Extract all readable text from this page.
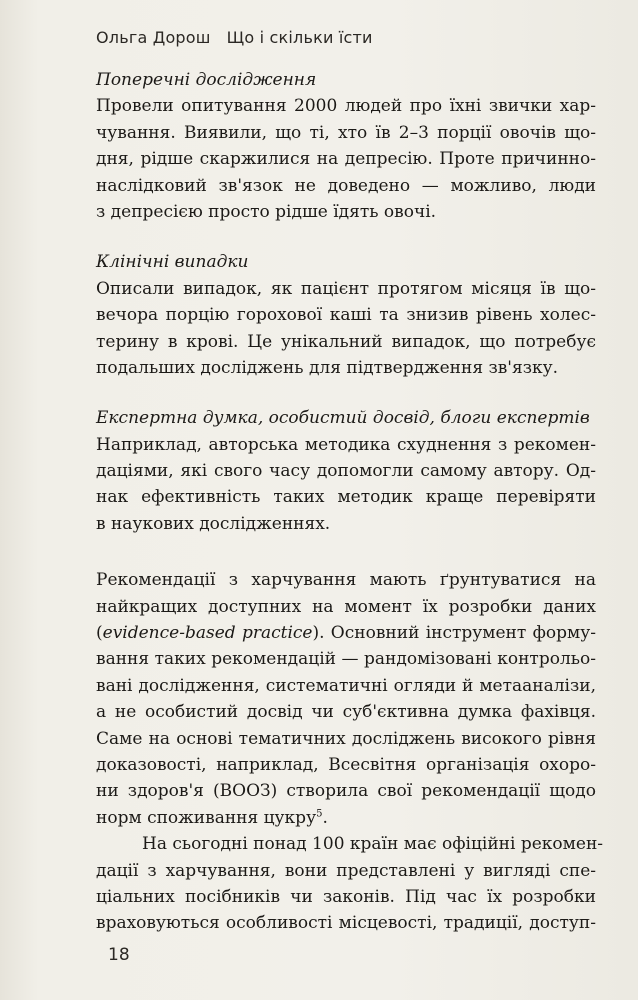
Ольга Дорош Що і скільки їсти
Поперечні дослідження
Провели опитування 2000 людей про їхні звички хар-
чування. Виявили, що ті, хто їв 2–3 порції овочів що-
дня, рідше скаржилися на депресію. Проте причинно-
наслідковий зв'язок не доведено — можливо, люди
з депресією просто рідше їдять овочі.
Клінічні випадки
Описали випадок, як пацієнт протягом місяця їв що-
вечора порцію горохової каші та знизив рівень холес-
терину в крові. Це унікальний випадок, що потребує
подальших досліджень для підтвердження зв'язку.
Експертна думка, особистий досвід, блоги експертів
Наприклад, авторська методика схуднення з рекомен-
даціями, які свого часу допомогли самому автору. Од-
нак ефективність таких методик краще перевіряти
в наукових дослідженнях.
Рекомендації з харчування мають ґрунтуватися на
найкращих доступних на момент їх розробки даних
(evidence-based practice). Основний інструмент форму-
вання таких рекомендацій — рандомізовані контрольо-
вані дослідження, систематичні огляди й метааналізи,
а не особистий досвід чи суб'єктивна думка фахівця.
Саме на основі тематичних досліджень високого рівня
доказовості, наприклад, Всесвітня організація охоро-
ни здоров'я (ВООЗ) створила свої рекомендації щодо
норм споживання цукру$^5$.
На сьогодні понад 100 країн має офіційні рекомен-
дації з харчування, вони представлені у вигляді спе-
ціальних посібників чи законів. Під час їх розробки
враховуються особливості місцевості, традиції, доступ-
18
